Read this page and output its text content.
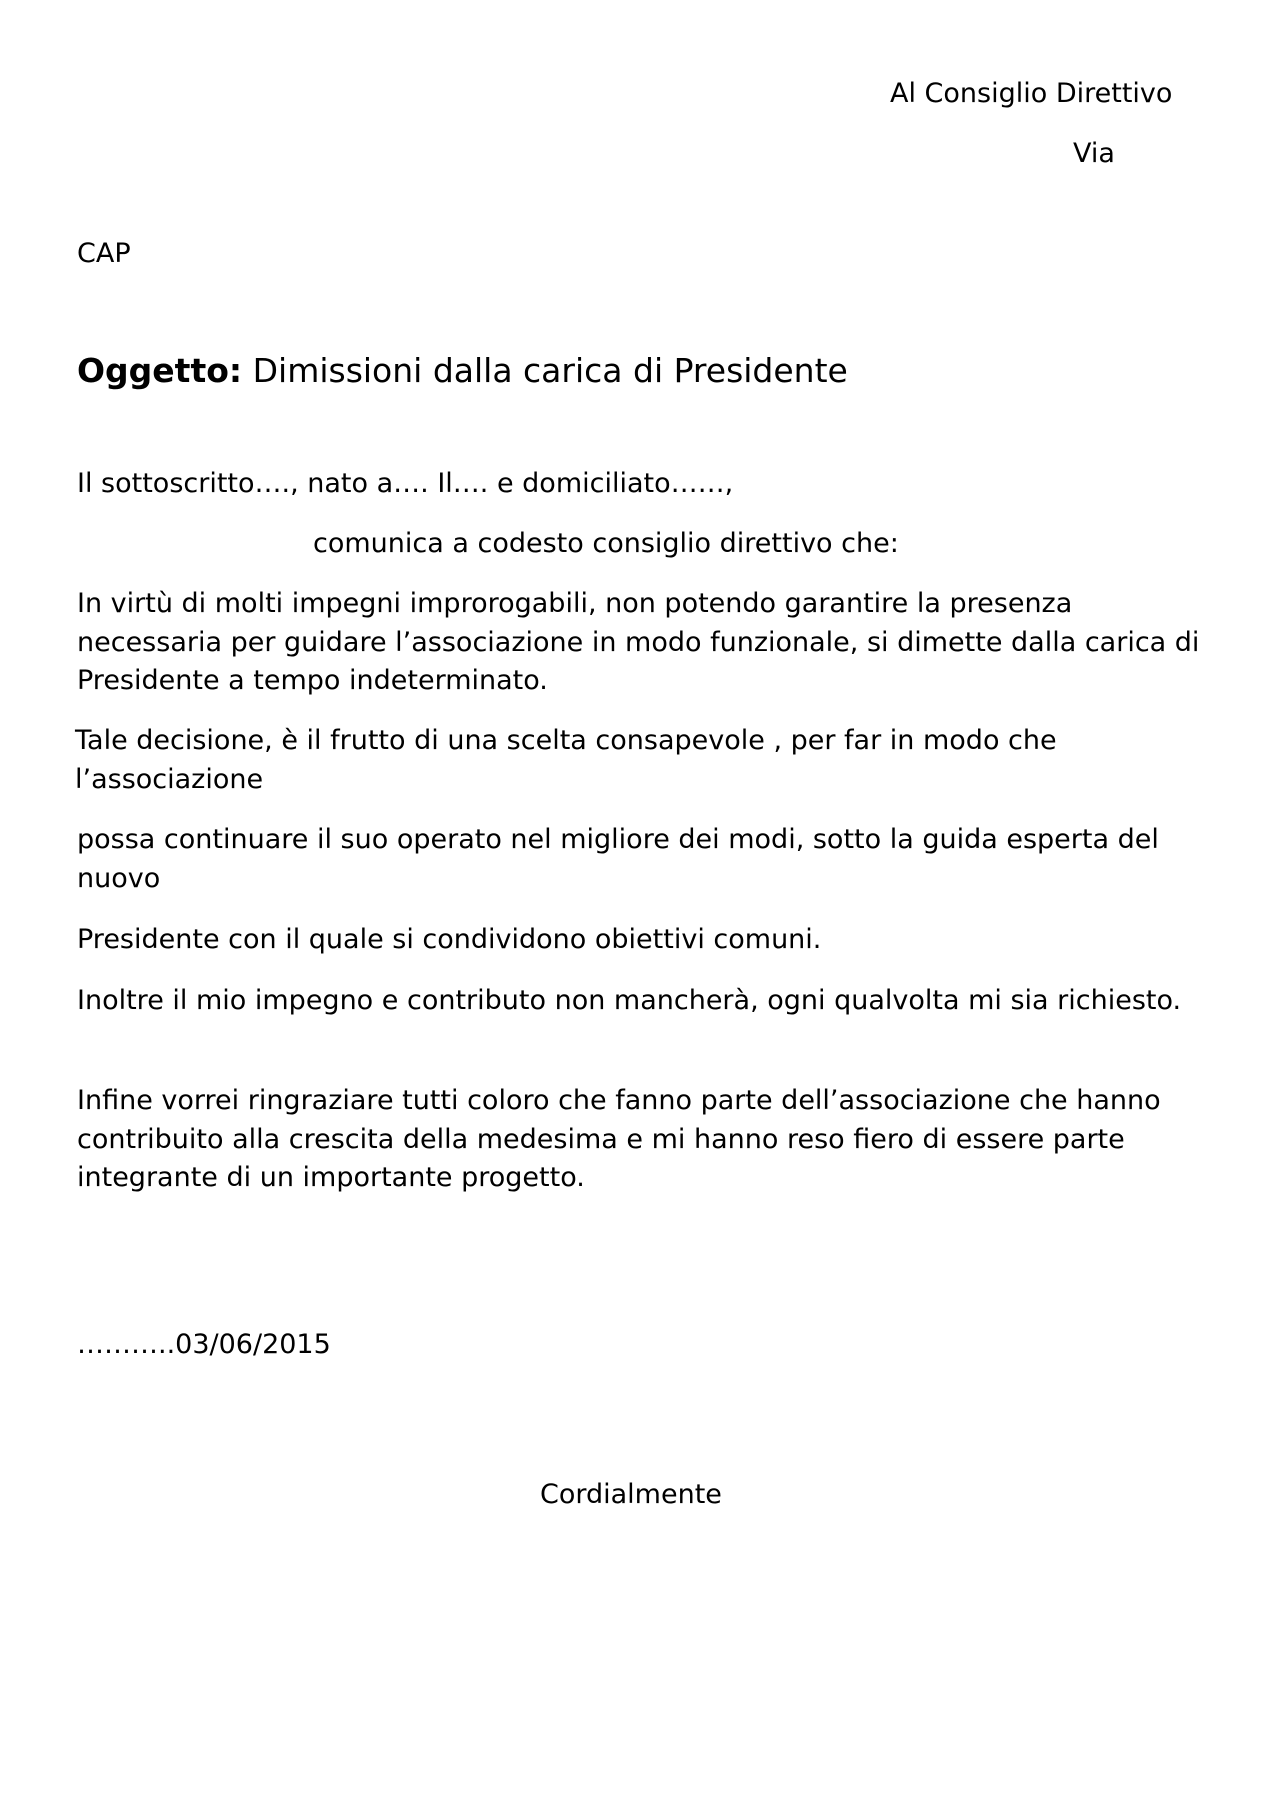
Al Consiglio Direttivo
Via
CAP
Oggetto: Dimissioni dalla carica di Presidente
Il sottoscritto…., nato a…. Il…. e domiciliato……,
comunica a codesto consiglio direttivo che:

In virtù di molti impegni improrogabili, non potendo garantire la presenza necessaria per guidare l’associazione in modo funzionale, si dimette dalla carica di Presidente a tempo indeterminato.

Tale decisione, è il frutto di una scelta consapevole , per far in modo che l’associazione

possa continuare il suo operato nel migliore dei modi, sotto la guida esperta del nuovo

Presidente con il quale si condividono obiettivi comuni.

Inoltre il mio impegno e contributo non mancherà, ogni qualvolta mi sia richiesto.

Infine vorrei ringraziare tutti coloro che fanno parte dell’associazione che hanno contribuito alla crescita della medesima e mi hanno reso fiero di essere parte integrante di un importante progetto.

………..03/06/2015
Cordialmente
